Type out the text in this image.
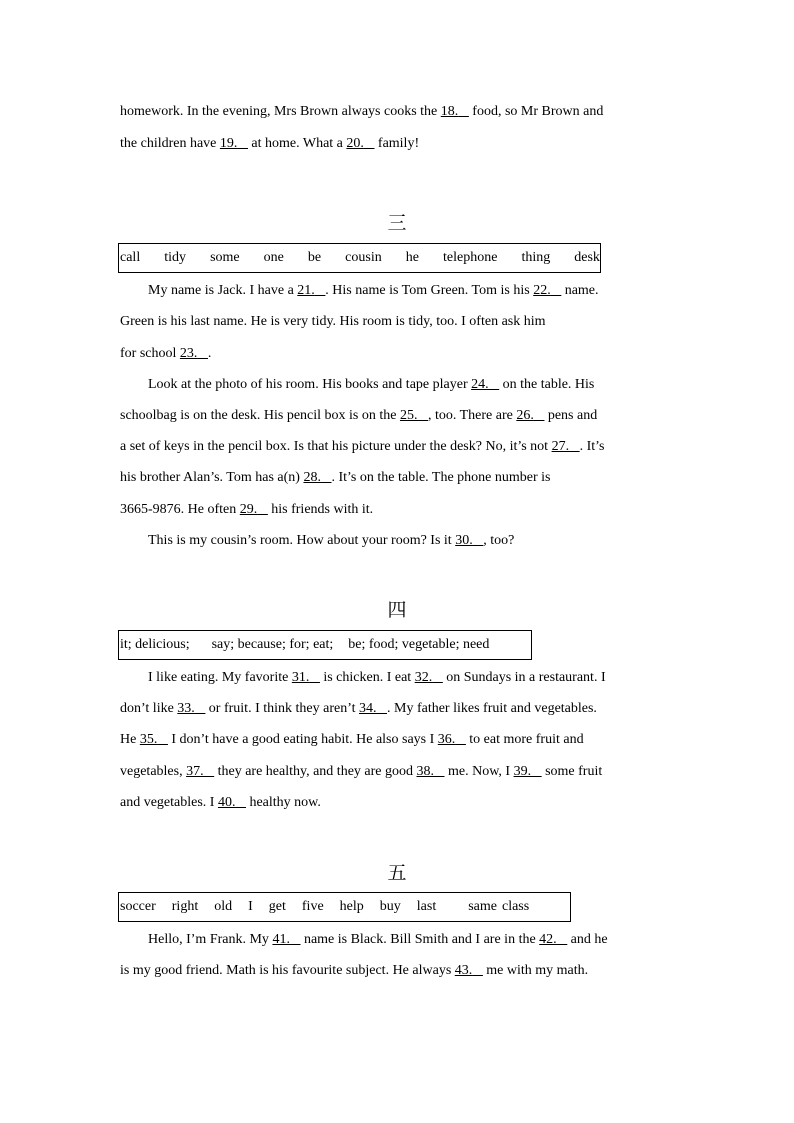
homework. In the evening, Mrs Brown always cooks the 18. food, so Mr Brown and
the children have 19. at home. What a 20. family!
三
call tidy some one be cousin he telephone thing desk
My name is Jack. I have a 21. . His name is Tom Green. Tom is his 22. name.
Green is his last name. He is very tidy. His room is tidy, too. I often ask him
for school 23. .
Look at the photo of his room. His books and tape player 24. on the table. His
schoolbag is on the desk. His pencil box is on the 25. , too. There are 26. pens and
a set of keys in the pencil box. Is that his picture under the desk? No, it’s not 27. . It’s
his brother Alan’s. Tom has a(n) 28. . It’s on the table. The phone number is
3665-9876. He often 29. his friends with it.
This is my cousin’s room. How about your room? Is it 30. , too?
四
it; delicious; say; because; for; eat; be; food; vegetable; need
I like eating. My favorite 31. is chicken. I eat 32. on Sundays in a restaurant. I
don’t like 33. or fruit. I think they aren’t 34. . My father likes fruit and vegetables.
He 35. I don’t have a good eating habit. He also says I 36. to eat more fruit and
vegetables, 37. they are healthy, and they are good 38. me. Now, I 39. some fruit
and vegetables. I 40. healthy now.
五
soccer right old I get five help buy last same class
Hello, I’m Frank. My 41. name is Black. Bill Smith and I are in the 42. and he
is my good friend. Math is his favourite subject. He always 43. me with my math.
